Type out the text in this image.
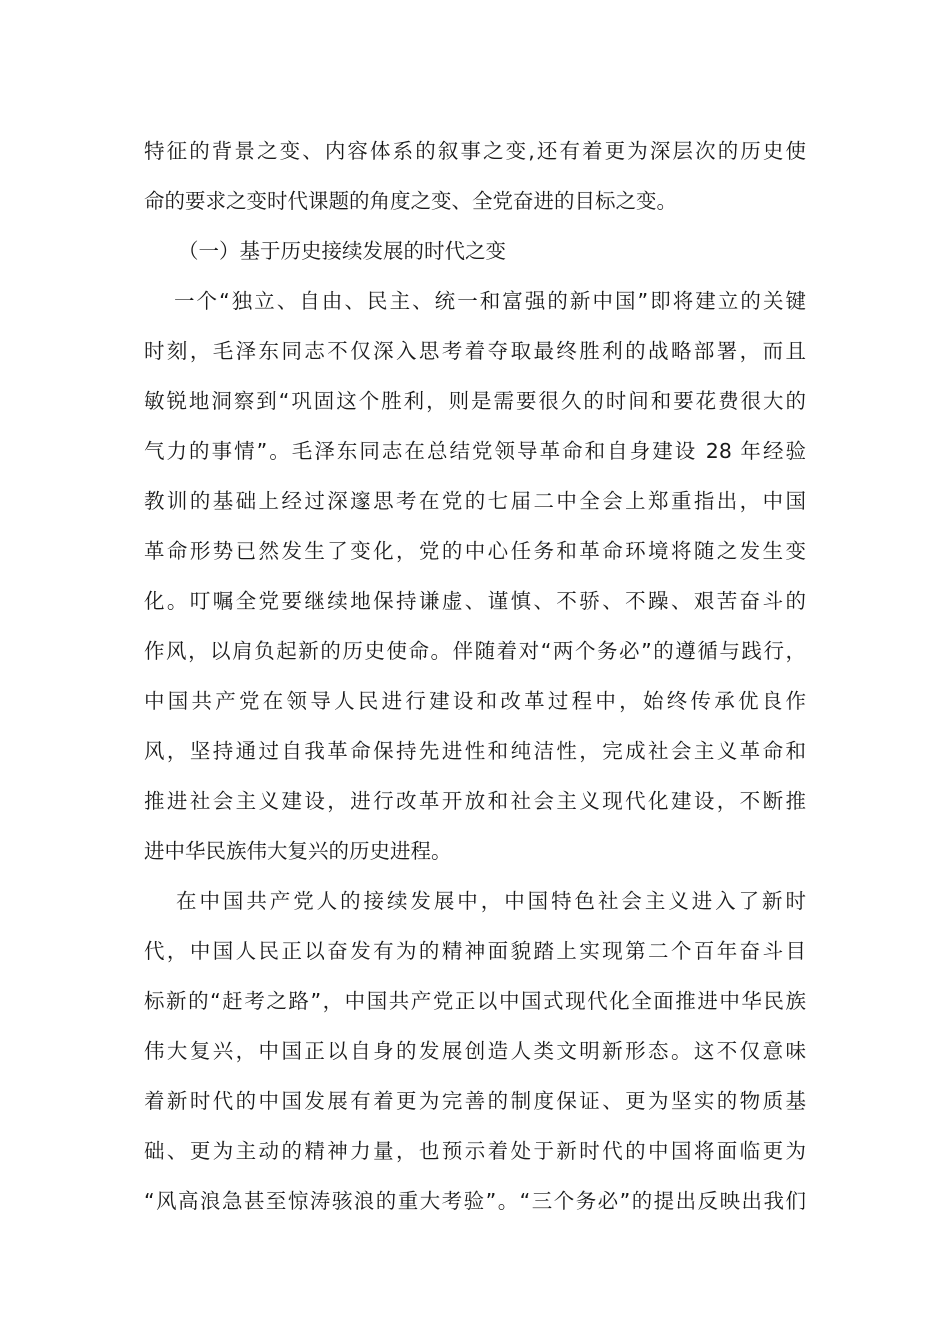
特征的背景之变、内容体系的叙事之变,还有着更为深层次的历史使
命的要求之变时代课题的角度之变、全党奋进的目标之变。
（一）基于历史接续发展的时代之变
一个“独立、自由、民主、统一和富强的新中国”即将建立的关键
时刻，毛泽东同志不仅深入思考着夺取最终胜利的战略部署，而且
敏锐地洞察到“巩固这个胜利，则是需要很久的时间和要花费很大的
气力的事情”。毛泽东同志在总结党领导革命和自身建设 28 年经验
教训的基础上经过深邃思考在党的七届二中全会上郑重指出，中国
革命形势已然发生了变化，党的中心任务和革命环境将随之发生变
化。叮嘱全党要继续地保持谦虚、谨慎、不骄、不躁、艰苦奋斗的
作风，以肩负起新的历史使命。伴随着对“两个务必”的遵循与践行，
中国共产党在领导人民进行建设和改革过程中，始终传承优良作
风，坚持通过自我革命保持先进性和纯洁性，完成社会主义革命和
推进社会主义建设，进行改革开放和社会主义现代化建设，不断推
进中华民族伟大复兴的历史进程。
在中国共产党人的接续发展中，中国特色社会主义进入了新时
代，中国人民正以奋发有为的精神面貌踏上实现第二个百年奋斗目
标新的“赶考之路”，中国共产党正以中国式现代化全面推进中华民族
伟大复兴，中国正以自身的发展创造人类文明新形态。这不仅意味
着新时代的中国发展有着更为完善的制度保证、更为坚实的物质基
础、更为主动的精神力量，也预示着处于新时代的中国将面临更为
“风高浪急甚至惊涛骇浪的重大考验”。“三个务必”的提出反映出我们
